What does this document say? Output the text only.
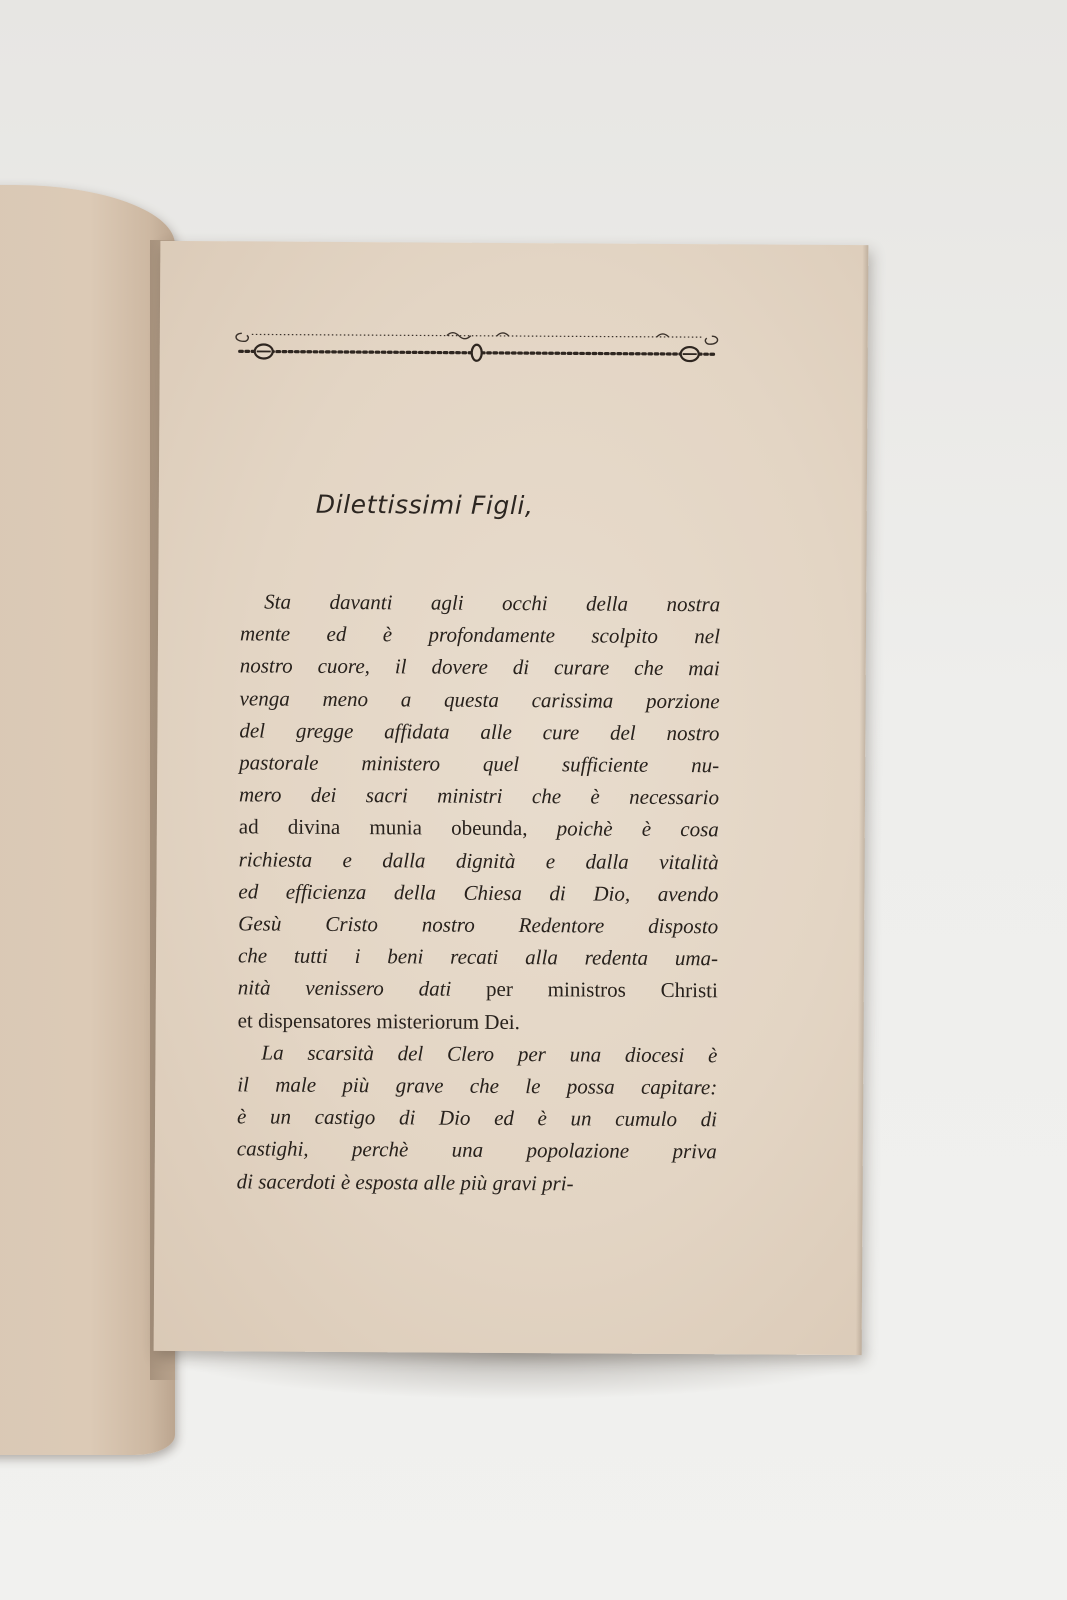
Dilettissimi Figli,
Sta davanti agli occhi della nostra
mente ed è profondamente scolpito nel
nostro cuore, il dovere di curare che mai
venga meno a questa carissima porzione
del gregge affidata alle cure del nostro
pastorale ministero quel sufficiente nu-
mero dei sacri ministri che è necessario
ad divina munia obeunda, poichè è cosa
richiesta e dalla dignità e dalla vitalità
ed efficienza della Chiesa di Dio, avendo
Gesù Cristo nostro Redentore disposto
che tutti i beni recati alla redenta uma-
nità venissero dati per ministros Christi
et dispensatores misteriorum Dei.
La scarsità del Clero per una diocesi è
il male più grave che le possa capitare:
è un castigo di Dio ed è un cumulo di
castighi, perchè una popolazione priva
di sacerdoti è esposta alle più gravi pri-
